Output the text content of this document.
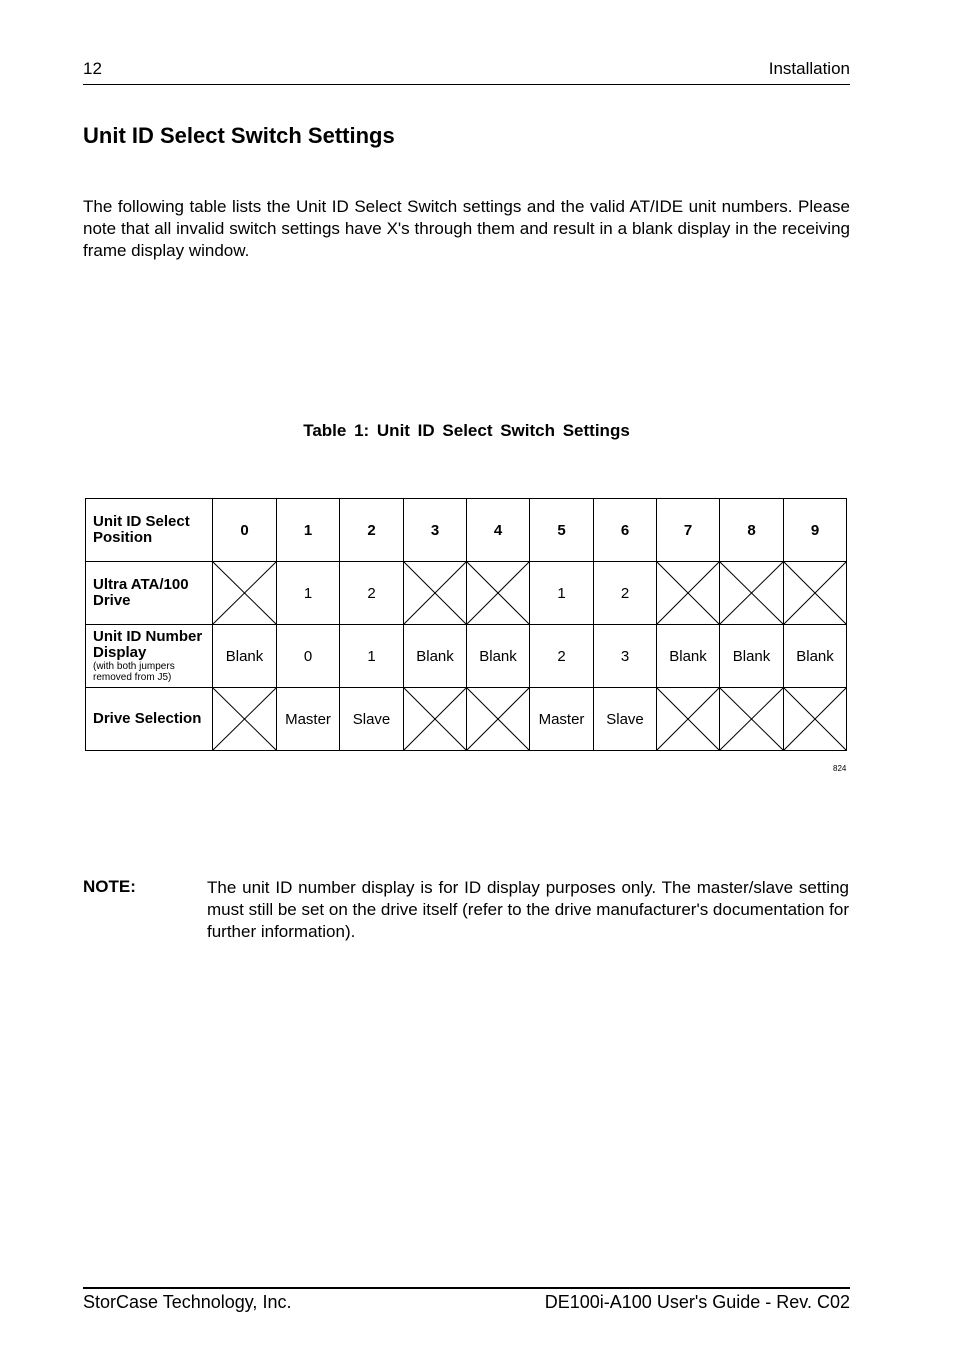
12	Installation
Unit ID Select Switch Settings
The following table lists the Unit ID Select Switch settings and the valid AT/IDE unit numbers. Please note that all invalid switch settings have X's through them and result in a blank display in the receiving frame display window.
Table 1: Unit ID Select Switch Settings
Unit ID Select Position	0	1	2	3	4	5	6	7	8	9
Ultra ATA/100 Drive		1	2			1	2	

Unit ID Number Display
(with both jumpers removed from J5)	Blank	0	1	Blank	Blank	2	3	Blank	Blank	Blank
Drive Selection		Master	Slave			Master	Slave	

824
NOTE:	The unit ID number display is for ID display purposes only. The master/slave setting must still be set on the drive itself (refer to the drive manufacturer's documentation for further information).
StorCase Technology, Inc.	DE100i-A100 User's Guide - Rev. C02
